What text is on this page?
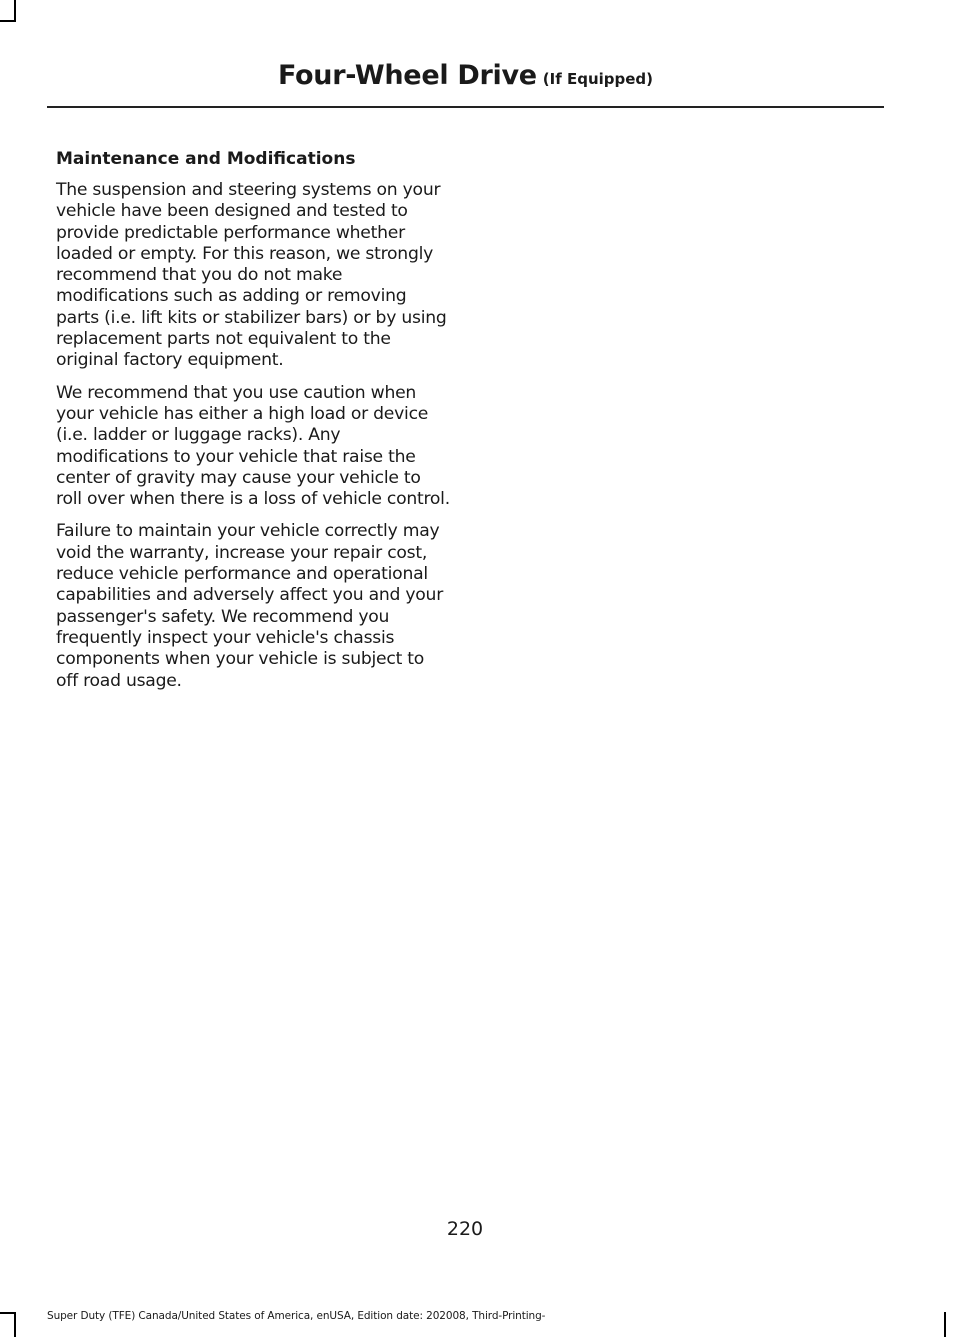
Four-Wheel Drive (If Equipped)
Maintenance and Modifications

The suspension and steering systems on your vehicle have been designed and tested to provide predictable performance whether loaded or empty. For this reason, we strongly recommend that you do not make modifications such as adding or removing parts (i.e. lift kits or stabilizer bars) or by using replacement parts not equivalent to the original factory equipment.

We recommend that you use caution when your vehicle has either a high load or device (i.e. ladder or luggage racks). Any modifications to your vehicle that raise the center of gravity may cause your vehicle to roll over when there is a loss of vehicle control.

Failure to maintain your vehicle correctly may void the warranty, increase your repair cost, reduce vehicle performance and operational capabilities and adversely affect you and your passenger's safety. We recommend you frequently inspect your vehicle's chassis components when your vehicle is subject to off road usage.

220
Super Duty (TFE) Canada/United States of America, enUSA, Edition date: 202008, Third-Printing-
